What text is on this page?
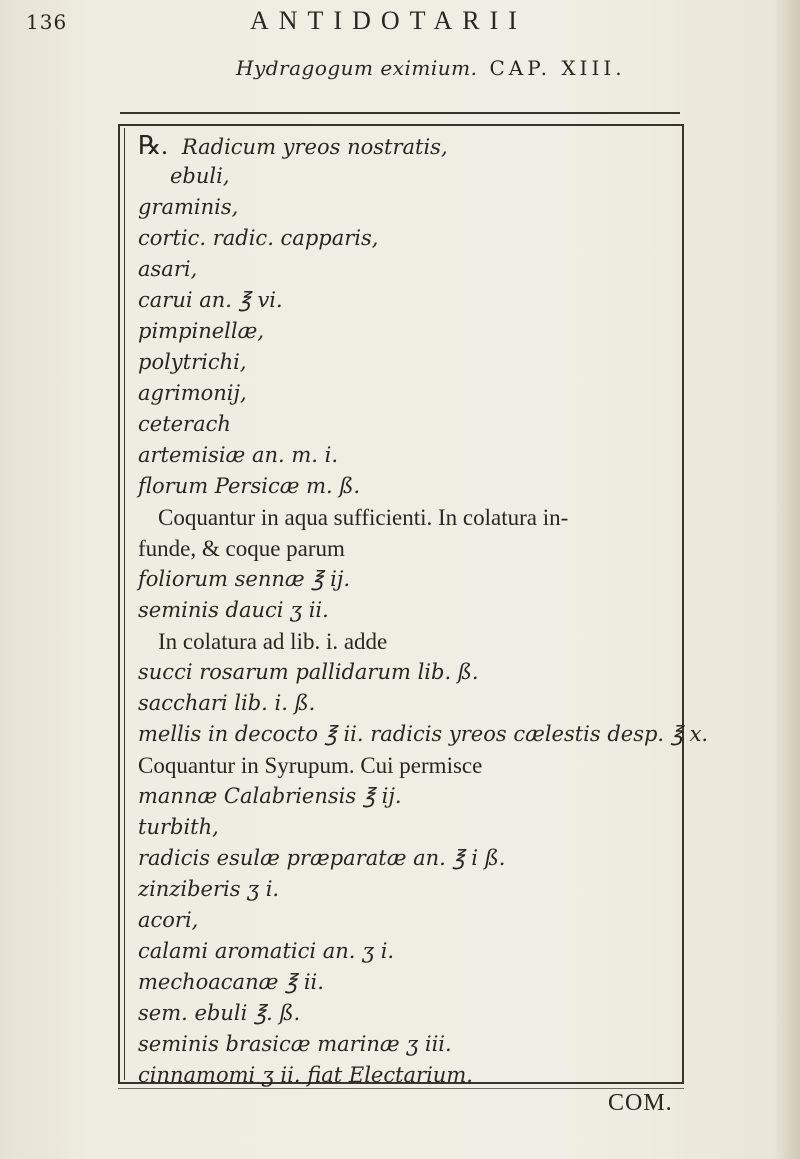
136	ANTIDOTARII
Hydragogum eximium. CAP. XIII.
℞. Radicum yreos nostratis,
ebuli,
graminis,
cortic. radic. capparis,
asari,
carui an. ℥ vi.
pimpinellæ,
polytrichi,
agrimonij,
ceterach
artemisiæ an. m. i.
florum Persicæ m. ß.
Coquantur in aqua sufficienti. In colatura in-
funde, & coque parum
foliorum sennæ ℥ ij.
seminis dauci ʒ ii.
In colatura ad lib. i. adde
succi rosarum pallidarum lib. ß.
sacchari lib. i. ß.
mellis in decocto ℥ ii. radicis yreos cælestis desp. ℥ x.
Coquantur in Syrupum. Cui permisce
mannæ Calabriensis ℥ ij.
turbith,
radicis esulæ præparatæ an. ℥ i ß.
zinziberis ʒ i.
acori,
calami aromatici an. ʒ i.
mechoacanæ ℥ ii.
sem. ebuli ℥. ß.
seminis brasicæ marinæ ʒ iii.
cinnamomi ʒ ii. fiat Electarium.
COM.
